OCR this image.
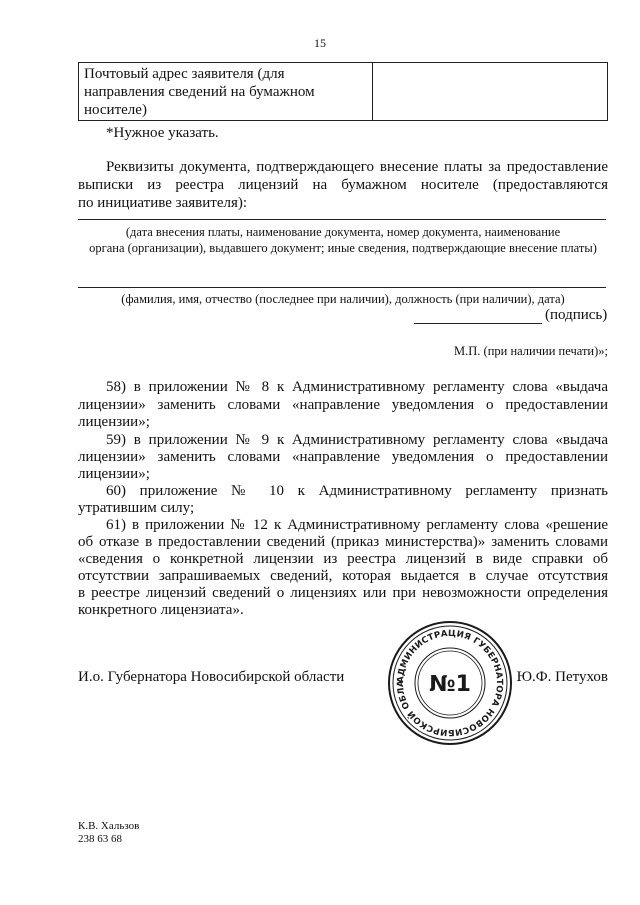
15
Почтовый адрес заявителя (для направления сведений на бумажном носителе)
*Нужное указать.
Реквизиты документа, подтверждающего внесение платы за предоставление
выписки из реестра лицензий на бумажном носителе (предоставляются
по инициативе заявителя):
(дата внесения платы, наименование документа, номер документа, наименование
органа (организации), выдавшего документ; иные сведения, подтверждающие внесение платы)
(фамилия, имя, отчество (последнее при наличии), должность (при наличии), дата)
(подпись)
М.П. (при наличии печати)»;
58) в приложении № 8 к Административному регламенту слова «выдача
лицензии» заменить словами «направление уведомления о предоставлении
лицензии»;
59) в приложении № 9 к Административному регламенту слова «выдача
лицензии» заменить словами «направление уведомления о предоставлении
лицензии»;
60) приложение № 10 к Административному регламенту признать
утратившим силу;
61) в приложении № 12 к Административному регламенту слова «решение
об отказе в предоставлении сведений (приказ министерства)» заменить словами
«сведения о конкретной лицензии из реестра лицензий в виде справки об
отсутствии запрашиваемых сведений, которая выдается в случае отсутствия
в реестре лицензий сведений о лицензиях или при невозможности определения
конкретного лицензиата».
И.о. Губернатора Новосибирской области	Ю.Ф. Петухов
АДМИНИСТРАЦИЯ ГУБЕРНАТОРА НОВОСИБИРСКОЙ ОБЛА	№1
К.В. Хальзов
238 63 68
